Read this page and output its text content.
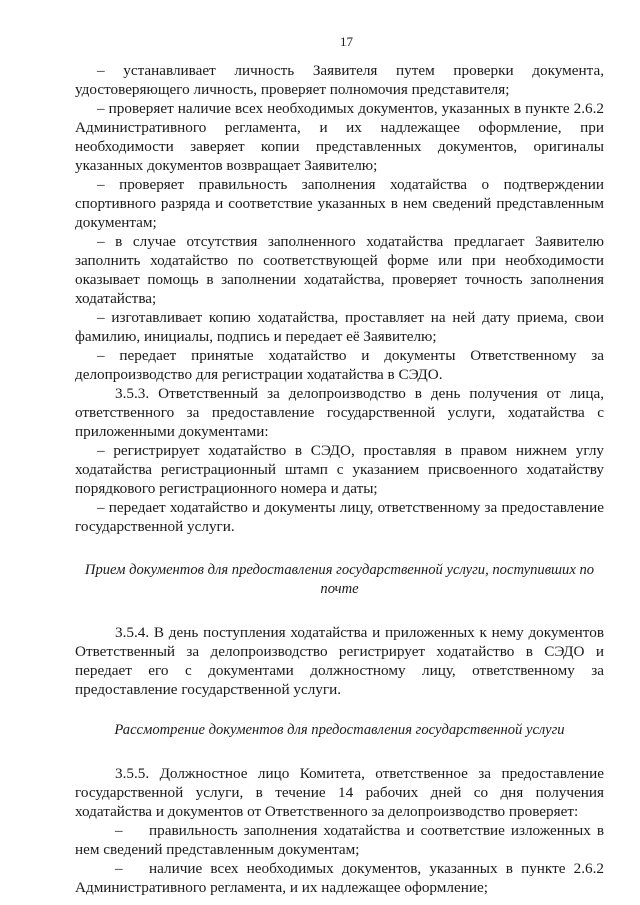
17

– устанавливает личность Заявителя путем проверки документа, удостоверяющего личность, проверяет полномочия представителя;

– проверяет наличие всех необходимых документов, указанных в пункте 2.6.2 Административного регламента, и их надлежащее оформление, при необходимости заверяет копии представленных документов, оригиналы указанных документов возвращает Заявителю;

– проверяет правильность заполнения ходатайства о подтверждении спортивного разряда и соответствие указанных в нем сведений представленным документам;

– в случае отсутствия заполненного ходатайства предлагает Заявителю заполнить ходатайство по соответствующей форме или при необходимости оказывает помощь в заполнении ходатайства, проверяет точность заполнения ходатайства;

– изготавливает копию ходатайства, проставляет на ней дату приема, свои фамилию, инициалы, подпись и передает её Заявителю;

– передает принятые ходатайство и документы Ответственному за делопроизводство для регистрации ходатайства в СЭДО.

3.5.3. Ответственный за делопроизводство в день получения от лица, ответственного за предоставление государственной услуги, ходатайства с приложенными документами:

– регистрирует ходатайство в СЭДО, проставляя в правом нижнем углу ходатайства регистрационный штамп с указанием присвоенного ходатайству порядкового регистрационного номера и даты;

– передает ходатайство и документы лицу, ответственному за предоставление государственной услуги.

Прием документов для предоставления государственной услуги, поступивших по почте

3.5.4. В день поступления ходатайства и приложенных к нему документов Ответственный за делопроизводство регистрирует ходатайство в СЭДО и передает его с документами должностному лицу, ответственному за предоставление государственной услуги.

Рассмотрение документов для предоставления государственной услуги

3.5.5. Должностное лицо Комитета, ответственное за предоставление государственной услуги, в течение 14 рабочих дней со дня получения ходатайства и документов от Ответственного за делопроизводство проверяет:

– правильность заполнения ходатайства и соответствие изложенных в нем сведений представленным документам;

– наличие всех необходимых документов, указанных в пункте 2.6.2 Административного регламента, и их надлежащее оформление;
